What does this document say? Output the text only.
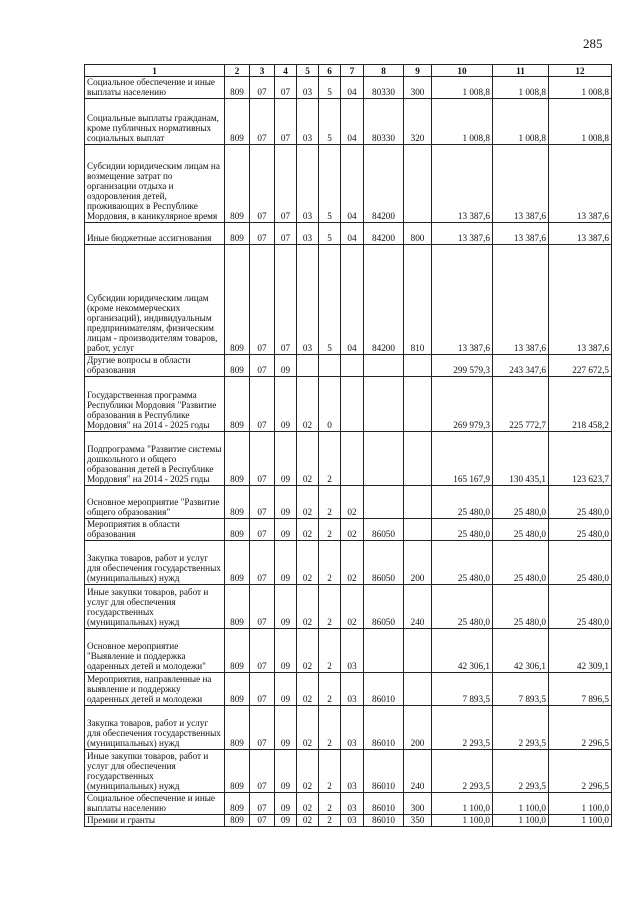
285
1	2	3	4	5	6	7	8	9	10	11	12
Социальное обеспечение и иные выплаты населению	809	07	07	03	5	04	80330	300	1 008,8	1 008,8	1 008,8
Социальные выплаты гражданам, кроме публичных нормативных социальных выплат	809	07	07	03	5	04	80330	320	1 008,8	1 008,8	1 008,8
Субсидии юридическим лицам на возмещение затрат по организации отдыха и оздоровления детей, проживающих в Республике Мордовия, в каникулярное время	809	07	07	03	5	04	84200		13 387,6	13 387,6	13 387,6
Иные бюджетные ассигнования	809	07	07	03	5	04	84200	800	13 387,6	13 387,6	13 387,6
Субсидии юридическим лицам (кроме некоммерческих организаций), индивидуальным предпринимателям, физическим лицам - производителям товаров, работ, услуг	809	07	07	03	5	04	84200	810	13 387,6	13 387,6	13 387,6
Другие вопросы в области образования	809	07	09						299 579,3	243 347,6	227 672,5
Государственная программа Республики Мордовия "Развитие образования в Республике Мордовия" на 2014 - 2025 годы	809	07	09	02	0				269 979,3	225 772,7	218 458,2
Подпрограмма "Развитие системы дошкольного и общего образования детей в Республике Мордовия" на 2014 - 2025 годы	809	07	09	02	2				165 167,9	130 435,1	123 623,7
Основное мероприятие "Развитие общего образования"	809	07	09	02	2	02			25 480,0	25 480,0	25 480,0
Мероприятия в области образования	809	07	09	02	2	02	86050		25 480,0	25 480,0	25 480,0
Закупка товаров, работ и услуг для обеспечения государственных (муниципальных) нужд	809	07	09	02	2	02	86050	200	25 480,0	25 480,0	25 480,0
Иные закупки товаров, работ и услуг для обеспечения государственных (муниципальных) нужд	809	07	09	02	2	02	86050	240	25 480,0	25 480,0	25 480,0
Основное мероприятие "Выявление и поддержка одаренных детей и молодежи"	809	07	09	02	2	03			42 306,1	42 306,1	42 309,1
Мероприятия, направленные на выявление и поддержку одаренных детей и молодежи	809	07	09	02	2	03	86010		7 893,5	7 893,5	7 896,5
Закупка товаров, работ и услуг для обеспечения государственных (муниципальных) нужд	809	07	09	02	2	03	86010	200	2 293,5	2 293,5	2 296,5
Иные закупки товаров, работ и услуг для обеспечения государственных (муниципальных) нужд	809	07	09	02	2	03	86010	240	2 293,5	2 293,5	2 296,5
Социальное обеспечение и иные выплаты населению	809	07	09	02	2	03	86010	300	1 100,0	1 100,0	1 100,0
Премии и гранты	809	07	09	02	2	03	86010	350	1 100,0	1 100,0	1 100,0
